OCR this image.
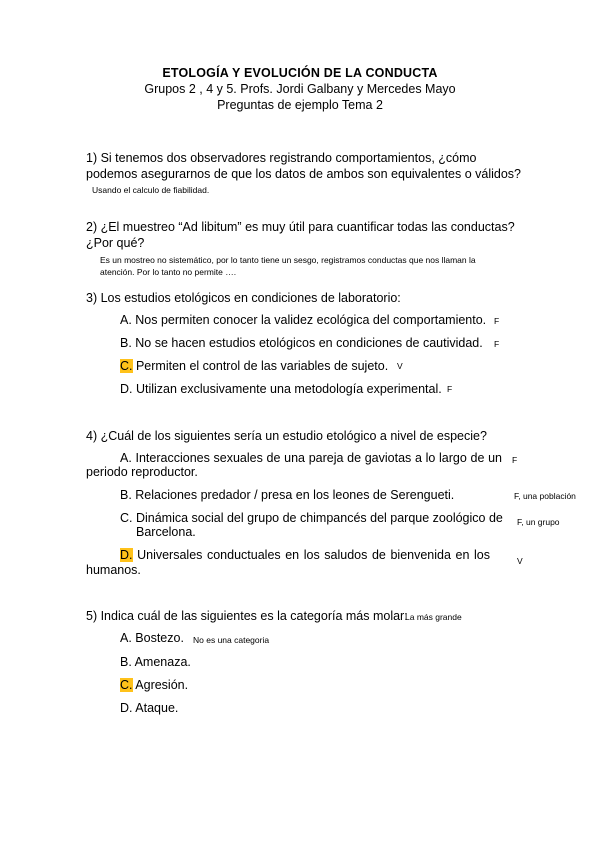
ETOLOGÍA Y EVOLUCIÓN DE LA CONDUCTA
Grupos 2 , 4 y 5. Profs. Jordi Galbany y Mercedes Mayo
Preguntas de ejemplo Tema 2
1) Si tenemos dos observadores registrando comportamientos, ¿cómo
podemos asegurarnos de que los datos de ambos son equivalentes o válidos?
Usando el calculo de fiabilidad.
2) ¿El muestreo “Ad libitum” es muy útil para cuantificar todas las conductas?
¿Por qué?
Es un mostreo no sistemático, por lo tanto tiene un sesgo, registramos conductas que nos llaman la
atención. Por lo tanto no permite ….
3) Los estudios etológicos en condiciones de laboratorio:
A. Nos permiten conocer la validez ecológica del comportamiento. F
B. No se hacen estudios etológicos en condiciones de cautividad. F
C. Permiten el control de las variables de sujeto. V
D. Utilizan exclusivamente una metodología experimental. F
4) ¿Cuál de los siguientes sería un estudio etológico a nivel de especie?
A. Interacciones sexuales de una pareja de gaviotas a lo largo de un
periodo reproductor.
F
B. Relaciones predador / presa en los leones de Serengueti.	F, una población
C. Dinámica social del grupo de chimpancés del parque zoológico de
Barcelona.
F, un grupo
D. Universales conductuales en los saludos de bienvenida en los
humanos.
V
5) Indica cuál de las siguientes es la categoría más molar:
La más grande
A. Bostezo. No es una categoria
B. Amenaza.
C. Agresión.
D. Ataque.
